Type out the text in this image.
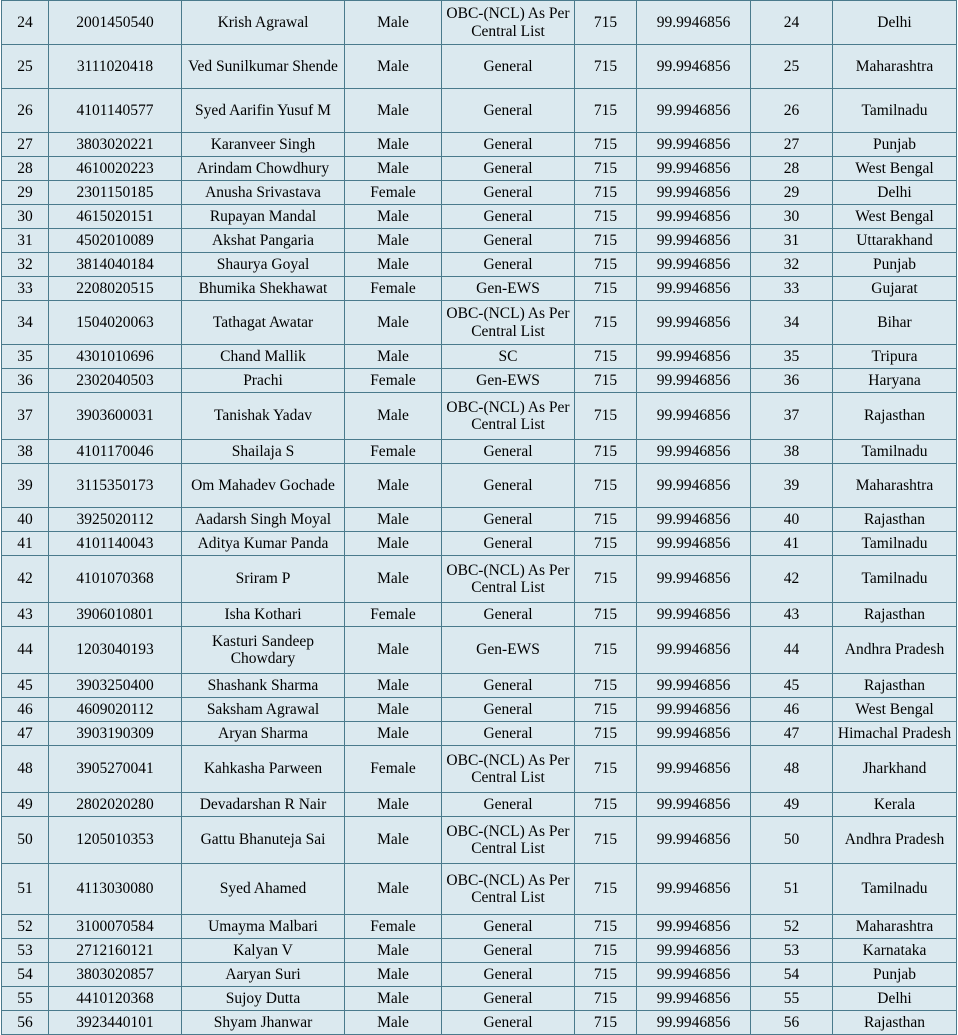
24	2001450540	Krish Agrawal	Male	OBC-(NCL) As Per Central List	715	99.9946856	24	Delhi
25	3111020418	Ved Sunilkumar Shende	Male	General	715	99.9946856	25	Maharashtra
26	4101140577	Syed Aarifin Yusuf M	Male	General	715	99.9946856	26	Tamilnadu
27	3803020221	Karanveer Singh	Male	General	715	99.9946856	27	Punjab
28	4610020223	Arindam Chowdhury	Male	General	715	99.9946856	28	West Bengal
29	2301150185	Anusha Srivastava	Female	General	715	99.9946856	29	Delhi
30	4615020151	Rupayan Mandal	Male	General	715	99.9946856	30	West Bengal
31	4502010089	Akshat Pangaria	Male	General	715	99.9946856	31	Uttarakhand
32	3814040184	Shaurya Goyal	Male	General	715	99.9946856	32	Punjab
33	2208020515	Bhumika Shekhawat	Female	Gen-EWS	715	99.9946856	33	Gujarat
34	1504020063	Tathagat Awatar	Male	OBC-(NCL) As Per Central List	715	99.9946856	34	Bihar
35	4301010696	Chand Mallik	Male	SC	715	99.9946856	35	Tripura
36	2302040503	Prachi	Female	Gen-EWS	715	99.9946856	36	Haryana
37	3903600031	Tanishak Yadav	Male	OBC-(NCL) As Per Central List	715	99.9946856	37	Rajasthan
38	4101170046	Shailaja S	Female	General	715	99.9946856	38	Tamilnadu
39	3115350173	Om Mahadev Gochade	Male	General	715	99.9946856	39	Maharashtra
40	3925020112	Aadarsh Singh Moyal	Male	General	715	99.9946856	40	Rajasthan
41	4101140043	Aditya Kumar Panda	Male	General	715	99.9946856	41	Tamilnadu
42	4101070368	Sriram P	Male	OBC-(NCL) As Per Central List	715	99.9946856	42	Tamilnadu
43	3906010801	Isha Kothari	Female	General	715	99.9946856	43	Rajasthan
44	1203040193	Kasturi Sandeep Chowdary	Male	Gen-EWS	715	99.9946856	44	Andhra Pradesh
45	3903250400	Shashank Sharma	Male	General	715	99.9946856	45	Rajasthan
46	4609020112	Saksham Agrawal	Male	General	715	99.9946856	46	West Bengal
47	3903190309	Aryan Sharma	Male	General	715	99.9946856	47	Himachal Pradesh
48	3905270041	Kahkasha Parween	Female	OBC-(NCL) As Per Central List	715	99.9946856	48	Jharkhand
49	2802020280	Devadarshan R Nair	Male	General	715	99.9946856	49	Kerala
50	1205010353	Gattu Bhanuteja Sai	Male	OBC-(NCL) As Per Central List	715	99.9946856	50	Andhra Pradesh
51	4113030080	Syed Ahamed	Male	OBC-(NCL) As Per Central List	715	99.9946856	51	Tamilnadu
52	3100070584	Umayma Malbari	Female	General	715	99.9946856	52	Maharashtra
53	2712160121	Kalyan V	Male	General	715	99.9946856	53	Karnataka
54	3803020857	Aaryan Suri	Male	General	715	99.9946856	54	Punjab
55	4410120368	Sujoy Dutta	Male	General	715	99.9946856	55	Delhi
56	3923440101	Shyam Jhanwar	Male	General	715	99.9946856	56	Rajasthan
